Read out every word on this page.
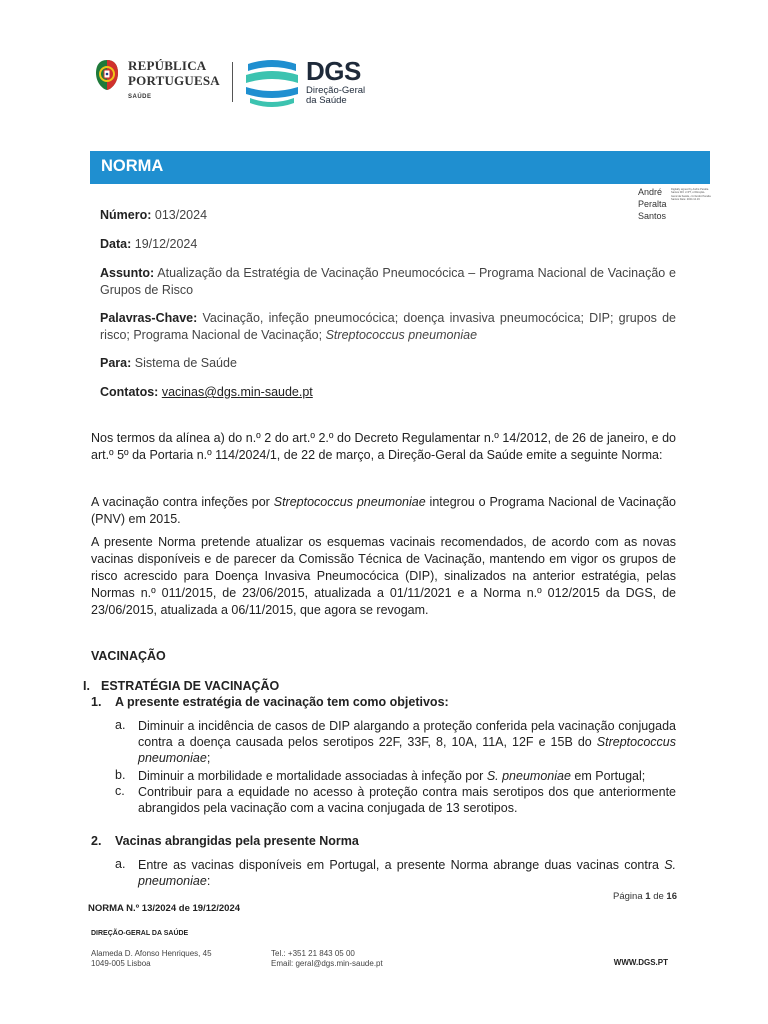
REPÚBLICA
PORTUGUESA
SAÚDE
DGS
Direção-Geral
da Saúde
NORMA
André
Peralta
Santos
Digitally signed by André Peralta Santos DN: c=PT, o=Direção-Geral da Saúde, cn=André Peralta Santos Date: 2024.12.19
Número: 013/2024
Data: 19/12/2024
Assunto: Atualização da Estratégia de Vacinação Pneumocócica – Programa Nacional de Vacinação e Grupos de Risco
Palavras-Chave: Vacinação, infeção pneumocócica; doença invasiva pneumocócica; DIP; grupos de risco; Programa Nacional de Vacinação; Streptococcus pneumoniae
Para: Sistema de Saúde
Contatos: vacinas@dgs.min-saude.pt
Nos termos da alínea a) do n.º 2 do art.º 2.º do Decreto Regulamentar n.º 14/2012, de 26 de janeiro, e do art.º 5º da Portaria n.º 114/2024/1, de 22 de março, a Direção-Geral da Saúde emite a seguinte Norma:
A vacinação contra infeções por Streptococcus pneumoniae integrou o Programa Nacional de Vacinação (PNV) em 2015.
A presente Norma pretende atualizar os esquemas vacinais recomendados, de acordo com as novas vacinas disponíveis e de parecer da Comissão Técnica de Vacinação, mantendo em vigor os grupos de risco acrescido para Doença Invasiva Pneumocócica (DIP), sinalizados na anterior estratégia, pelas Normas n.º 011/2015, de 23/06/2015, atualizada a 01/11/2021 e a Norma n.º 012/2015 da DGS, de 23/06/2015, atualizada a 06/11/2015, que agora se revogam.
VACINAÇÃO
I. ESTRATÉGIA DE VACINAÇÃO
1. A presente estratégia de vacinação tem como objetivos:
a. Diminuir a incidência de casos de DIP alargando a proteção conferida pela vacinação conjugada contra a doença causada pelos serotipos 22F, 33F, 8, 10A, 11A, 12F e 15B do Streptococcus pneumoniae;
b. Diminuir a morbilidade e mortalidade associadas à infeção por S. pneumoniae em Portugal;
c. Contribuir para a equidade no acesso à proteção contra mais serotipos dos que anteriormente abrangidos pela vacinação com a vacina conjugada de 13 serotipos.
2. Vacinas abrangidas pela presente Norma
a. Entre as vacinas disponíveis em Portugal, a presente Norma abrange duas vacinas contra S. pneumoniae:
Página 1 de 16
NORMA N.º 13/2024 de 19/12/2024
DIREÇÃO-GERAL DA SAÚDE
Alameda D. Afonso Henriques, 45
1049-005 Lisboa
Tel.: +351 21 843 05 00
Email: geral@dgs.min-saude.pt	WWW.DGS.PT
